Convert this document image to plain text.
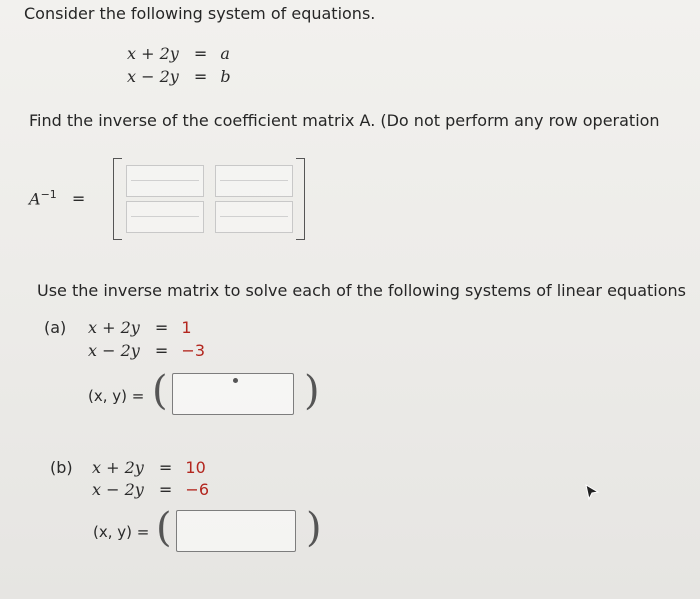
Consider the following system of equations.
x + 2y = a
x − 2y = b
Find the inverse of the coefficient matrix A. (Do not perform any row operation
$A^{-1}$ =
Use the inverse matrix to solve each of the following systems of linear equations
(a) x + 2y = 1
x − 2y = −3
(x, y) = (	)
(b) x + 2y = 10
x − 2y = −6
(x, y) = (	)
